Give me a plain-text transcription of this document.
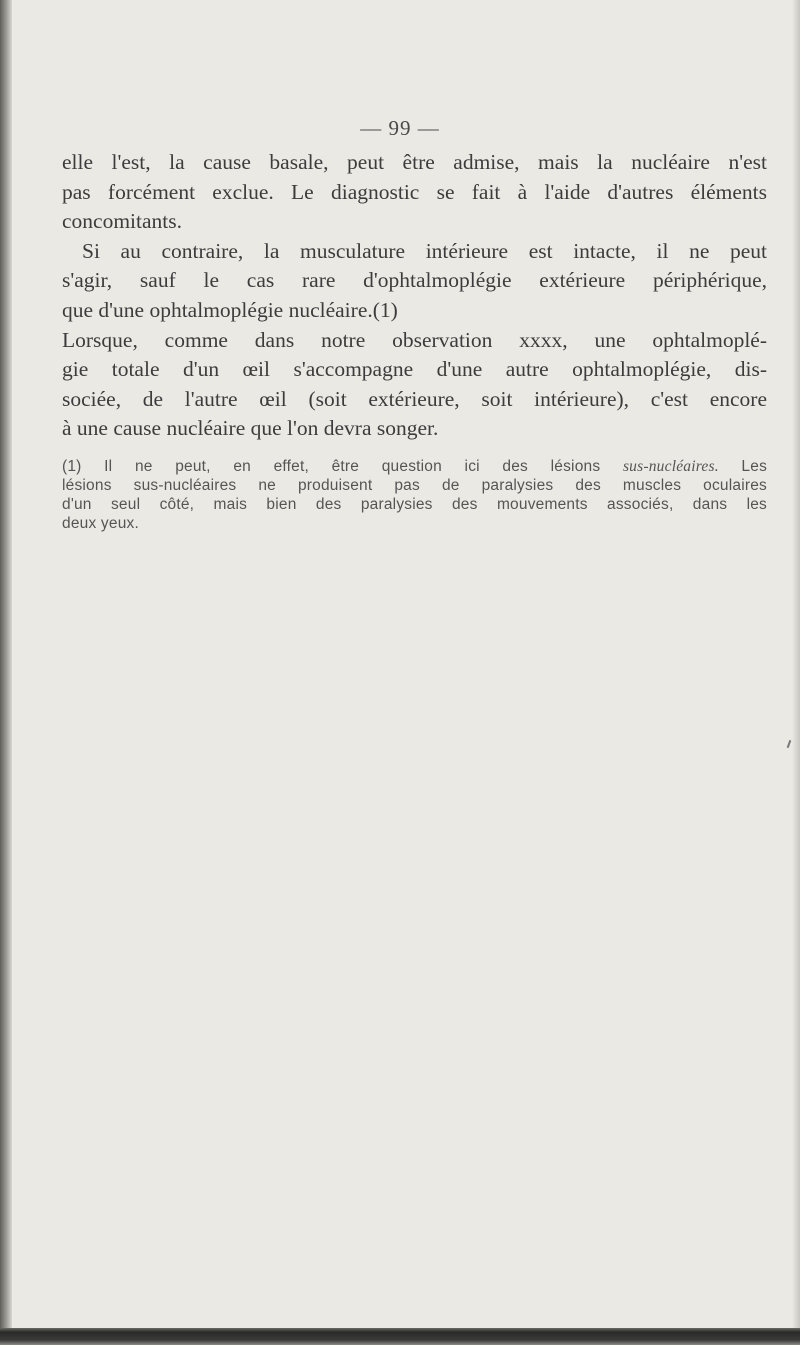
— 99 —

elle l'est, la cause basale, peut être admise, mais la nucléaire n'est
pas forcément exclue. Le diagnostic se fait à l'aide d'autres éléments
concomitants.

Si au contraire, la musculature intérieure est intacte, il ne peut
s'agir, sauf le cas rare d'ophtalmoplégie extérieure périphérique,
que d'une ophtalmoplégie nucléaire.(1)

Lorsque, comme dans notre observation xxxx, une ophtalmoplé-
gie totale d'un œil s'accompagne d'une autre ophtalmoplégie, dis-
sociée, de l'autre œil (soit extérieure, soit intérieure), c'est encore
à une cause nucléaire que l'on devra songer.

(1) Il ne peut, en effet, être question ici des lésions sus-nucléaires. Les
lésions sus-nucléaires ne produisent pas de paralysies des muscles oculaires
d'un seul côté, mais bien des paralysies des mouvements associés, dans les
deux yeux.
